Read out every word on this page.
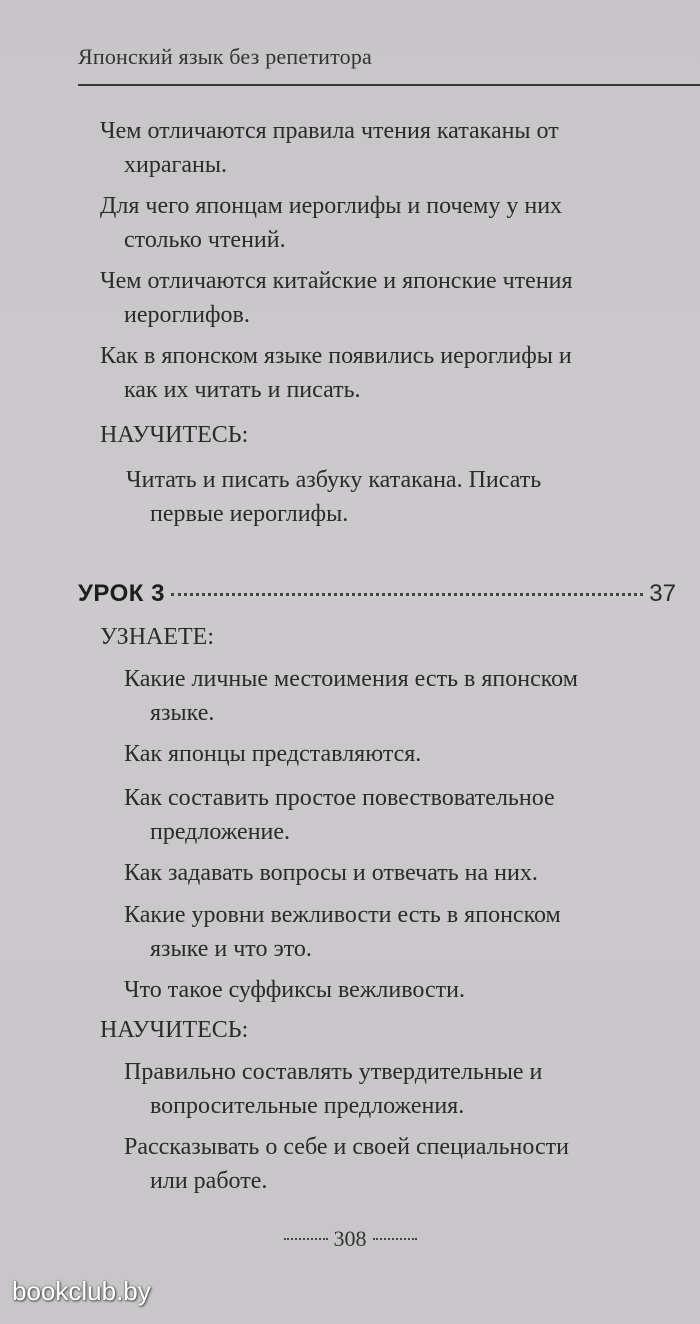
Японский язык без репетитора
Чем отличаются правила чтения катаканы от
хираганы.
Для чего японцам иероглифы и почему у них
столько чтений.
Чем отличаются китайские и японские чтения
иероглифов.
Как в японском языке появились иероглифы и
как их читать и писать.
НАУЧИТЕСЬ:
Читать и писать азбуку катакана. Писать
первые иероглифы.
УРОК 3	37
УЗНАЕТЕ:
Какие личные местоимения есть в японском
языке.
Как японцы представляются.
Как составить простое повествовательное
предложение.
Как задавать вопросы и отвечать на них.
Какие уровни вежливости есть в японском
языке и что это.
Что такое суффиксы вежливости.
НАУЧИТЕСЬ:
Правильно составлять утвердительные и
вопросительные предложения.
Рассказывать о себе и своей специальности
или работе.
308
bookclub.by
